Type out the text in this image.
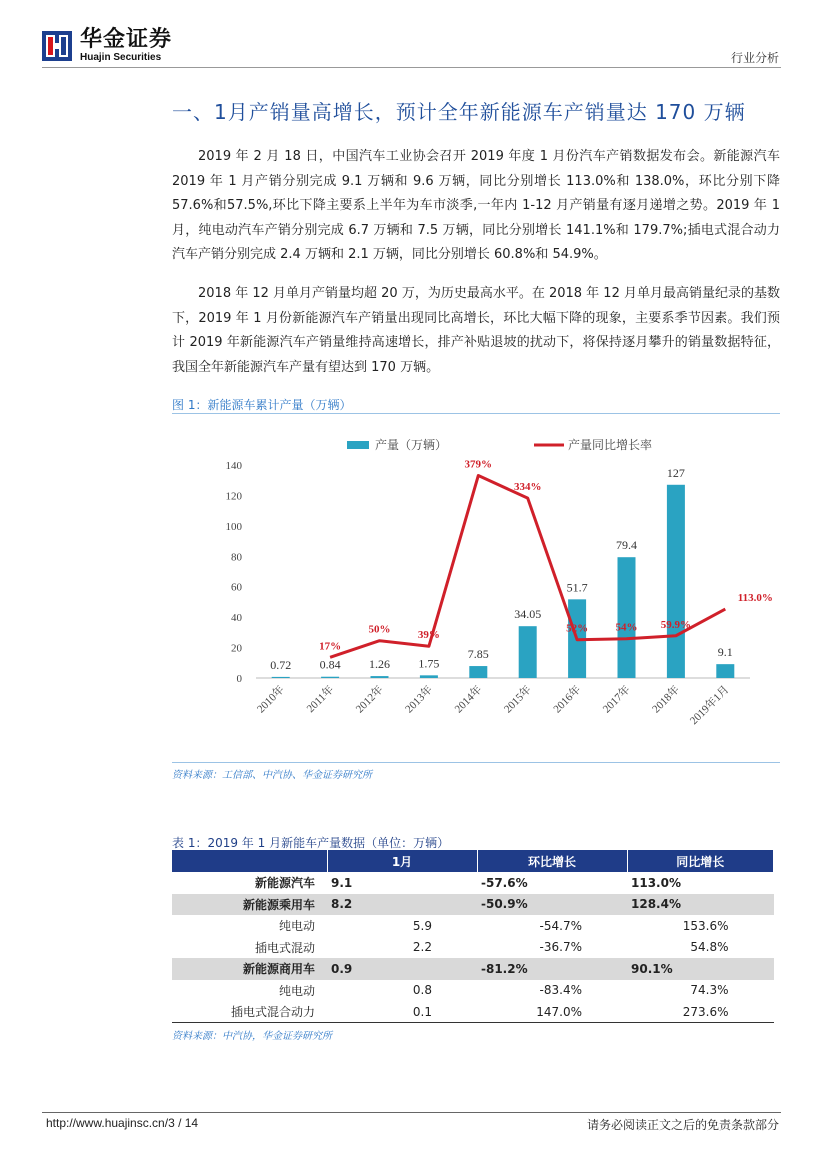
华金证券
Huajin Securities	行业分析
一、1月产销量高增长，预计全年新能源车产销量达 170 万辆

2019 年 2 月 18 日，中国汽车工业协会召开 2019 年度 1 月份汽车产销数据发布会。新能源汽车 2019 年 1 月产销分别完成 9.1 万辆和 9.6 万辆，同比分别增长 113.0%和 138.0%，环比分别下降 57.6%和57.5%,环比下降主要系上半年为车市淡季,一年内 1-12 月产销量有逐月递增之势。2019 年 1 月，纯电动汽车产销分别完成 6.7 万辆和 7.5 万辆，同比分别增长 141.1%和 179.7%;插电式混合动力汽车产销分别完成 2.4 万辆和 2.1 万辆，同比分别增长 60.8%和 54.9%。

2018 年 12 月单月产销量均超 20 万，为历史最高水平。在 2018 年 12 月单月最高销量纪录的基数下，2019 年 1 月份新能源汽车产销量出现同比高增长，环比大幅下降的现象，主要系季节因素。我们预计 2019 年新能源汽车产销量维持高速增长，排产补贴退坡的扰动下，将保持逐月攀升的销量数据特征，我国全年新能源汽车产量有望达到 170 万辆。

图 1：新能源车累计产量（万辆）
0
20
40
60
80
100
120
140
产量（万辆）	产量同比增长率
0.72
2010年
0.84
2011年
1.26
2012年
1.75
2013年
7.85
2014年
34.05
2015年
51.7
2016年
79.4
2017年
127
2018年
9.1
2019年1月
17%
50% 39%
379%
334%
52% 54% 59.9%
113.0%
资料来源：工信部、中汽协、华金证券研究所
表 1：2019 年 1 月新能车产量数据（单位：万辆）
	1月	环比增长	同比增长
新能源汽车	9.1	-57.6%	113.0%
新能源乘用车	8.2	-50.9%	128.4%
纯电动	5.9	-54.7%	153.6%
插电式混动	2.2	-36.7%	54.8%
新能源商用车	0.9	-81.2%	90.1%
纯电动	0.8	-83.4%	74.3%
插电式混合动力	0.1	147.0%	273.6%
资料来源：中汽协，华金证券研究所
http://www.huajinsc.cn/3 / 14	请务必阅读正文之后的免责条款部分
